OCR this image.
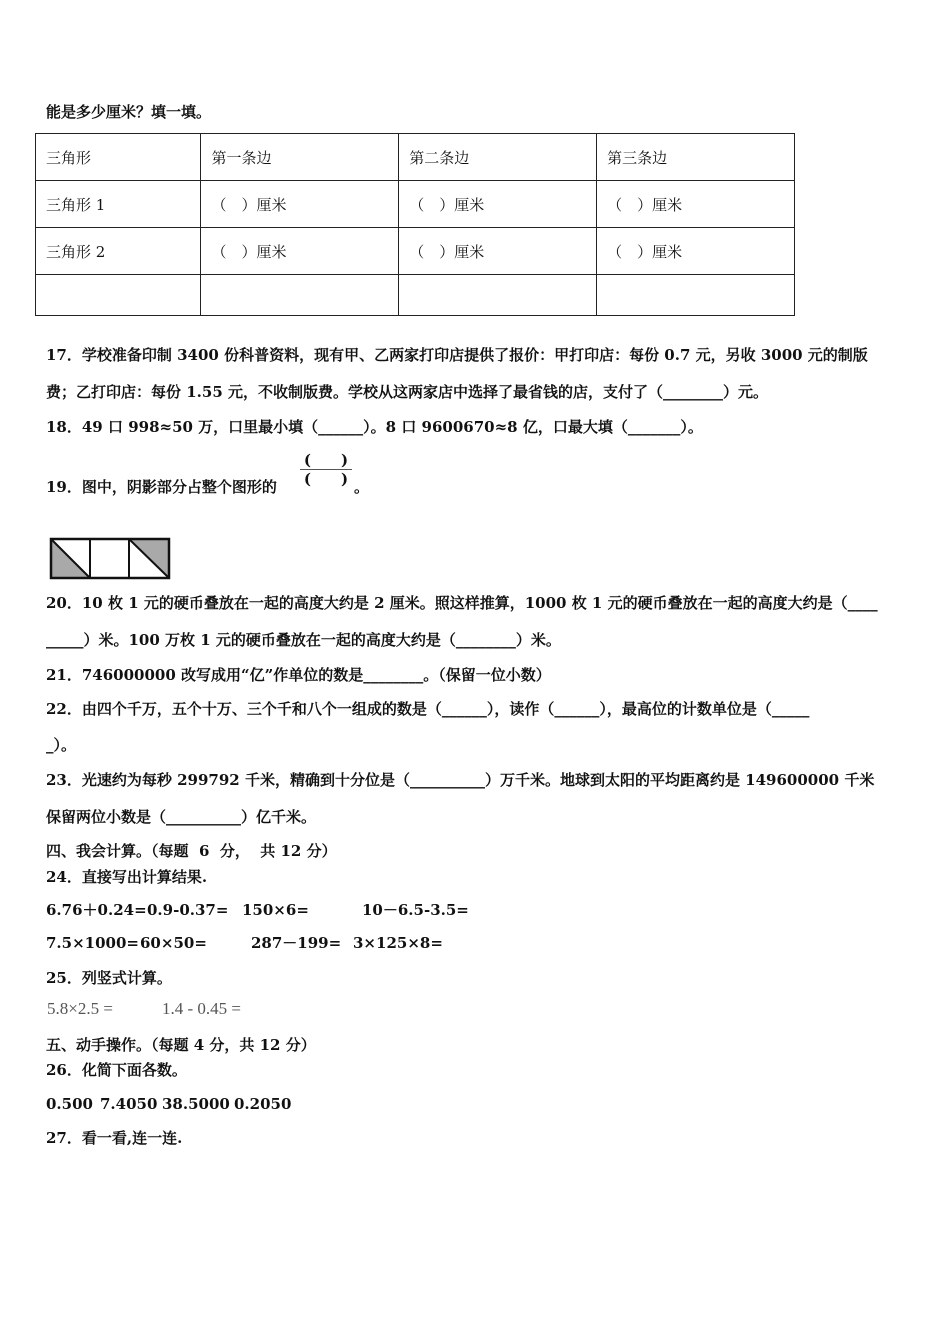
能是多少厘米？填一填。
三角形	第一条边	第二条边	第三条边
三角形 1	（　）厘米	（　）厘米	（　）厘米
三角形 2	（　）厘米	（　）厘米	（　）厘米

17．学校准备印制 3400 份科普资料，现有甲、乙两家打印店提供了报价：甲打印店：每份 0.7 元，另收 3000 元的制版
费；乙打印店：每份 1.55 元，不收制版费。学校从这两家店中选择了最省钱的店，支付了（________）元。
18．49 口 998≈50 万，口里最小填（______）。8 口 9600670≈8 亿，口最大填（_______）。
19．图中，阴影部分占整个图形的
(　　)
(　　) 。
20．10 枚 1 元的硬币叠放在一起的高度大约是 2 厘米。照这样推算，1000 枚 1 元的硬币叠放在一起的高度大约是（____
_____）米。100 万枚 1 元的硬币叠放在一起的高度大约是（________）米。
21．746000000 改写成用“亿”作单位的数是________。（保留一位小数）
22．由四个千万，五个十万、三个千和八个一组成的数是（______），读作（______），最高位的计数单位是（_____
_）。
23．光速约为每秒 299792 千米，精确到十分位是（__________）万千米。地球到太阳的平均距离约是 149600000 千米
保留两位小数是（__________）亿千米。
四、我会计算。（每题  6  分，  共 12 分）
24．直接写出计算结果.
6.76＋0.24= 0.9-0.37= 150×6=	10－6.5-3.5=
7.5×1000= 60×50=	287－199= 3×125×8=
25．列竖式计算。
5.8×2.5 =	1.4 - 0.45 =
五、动手操作。（每题 4 分，共 12 分）
26．化简下面各数。
0.500 7.4050 38.5000 0.2050
27．看一看,连一连.
